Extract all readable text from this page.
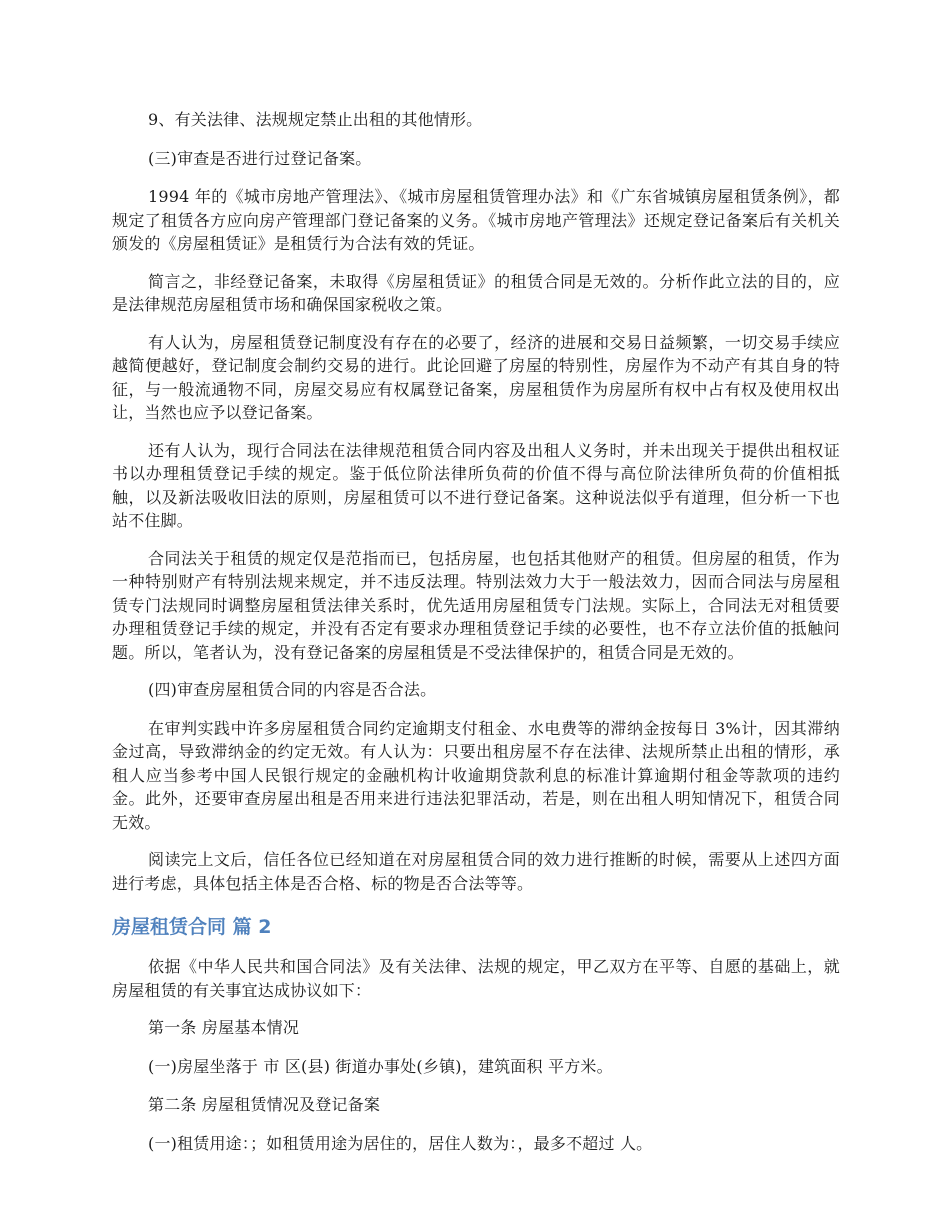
9、有关法律、法规规定禁止出租的其他情形。

(三)审查是否进行过登记备案。

1994 年的《城市房地产管理法》、《城市房屋租赁管理办法》和《广东省城镇房屋租赁条例》，都规定了租赁各方应向房产管理部门登记备案的义务。《城市房地产管理法》还规定登记备案后有关机关颁发的《房屋租赁证》是租赁行为合法有效的凭证。

简言之，非经登记备案，未取得《房屋租赁证》的租赁合同是无效的。分析作此立法的目的，应是法律规范房屋租赁市场和确保国家税收之策。

有人认为，房屋租赁登记制度没有存在的必要了，经济的进展和交易日益频繁，一切交易手续应越简便越好，登记制度会制约交易的进行。此论回避了房屋的特别性，房屋作为不动产有其自身的特征，与一般流通物不同，房屋交易应有权属登记备案，房屋租赁作为房屋所有权中占有权及使用权出让，当然也应予以登记备案。

还有人认为，现行合同法在法律规范租赁合同内容及出租人义务时，并未出现关于提供出租权证书以办理租赁登记手续的规定。鉴于低位阶法律所负荷的价值不得与高位阶法律所负荷的价值相抵触，以及新法吸收旧法的原则，房屋租赁可以不进行登记备案。这种说法似乎有道理，但分析一下也站不住脚。

合同法关于租赁的规定仅是范指而已，包括房屋，也包括其他财产的租赁。但房屋的租赁，作为一种特别财产有特别法规来规定，并不违反法理。特别法效力大于一般法效力，因而合同法与房屋租赁专门法规同时调整房屋租赁法律关系时，优先适用房屋租赁专门法规。实际上，合同法无对租赁要办理租赁登记手续的规定，并没有否定有要求办理租赁登记手续的必要性，也不存立法价值的抵触问题。所以，笔者认为，没有登记备案的房屋租赁是不受法律保护的，租赁合同是无效的。

(四)审查房屋租赁合同的内容是否合法。

在审判实践中许多房屋租赁合同约定逾期支付租金、水电费等的滞纳金按每日 3%计，因其滞纳金过高，导致滞纳金的约定无效。有人认为：只要出租房屋不存在法律、法规所禁止出租的情形，承租人应当参考中国人民银行规定的金融机构计收逾期贷款利息的标准计算逾期付租金等款项的违约金。此外，还要审查房屋出租是否用来进行违法犯罪活动，若是，则在出租人明知情况下，租赁合同无效。

阅读完上文后，信任各位已经知道在对房屋租赁合同的效力进行推断的时候，需要从上述四方面进行考虑，具体包括主体是否合格、标的物是否合法等等。

房屋租赁合同 篇 2

依据《中华人民共和国合同法》及有关法律、法规的规定，甲乙双方在平等、自愿的基础上，就房屋租赁的有关事宜达成协议如下：

第一条 房屋基本情况

(一)房屋坐落于 市 区(县) 街道办事处(乡镇)，建筑面积 平方米。

第二条 房屋租赁情况及登记备案

(一)租赁用途：；如租赁用途为居住的，居住人数为：，最多不超过 人。
